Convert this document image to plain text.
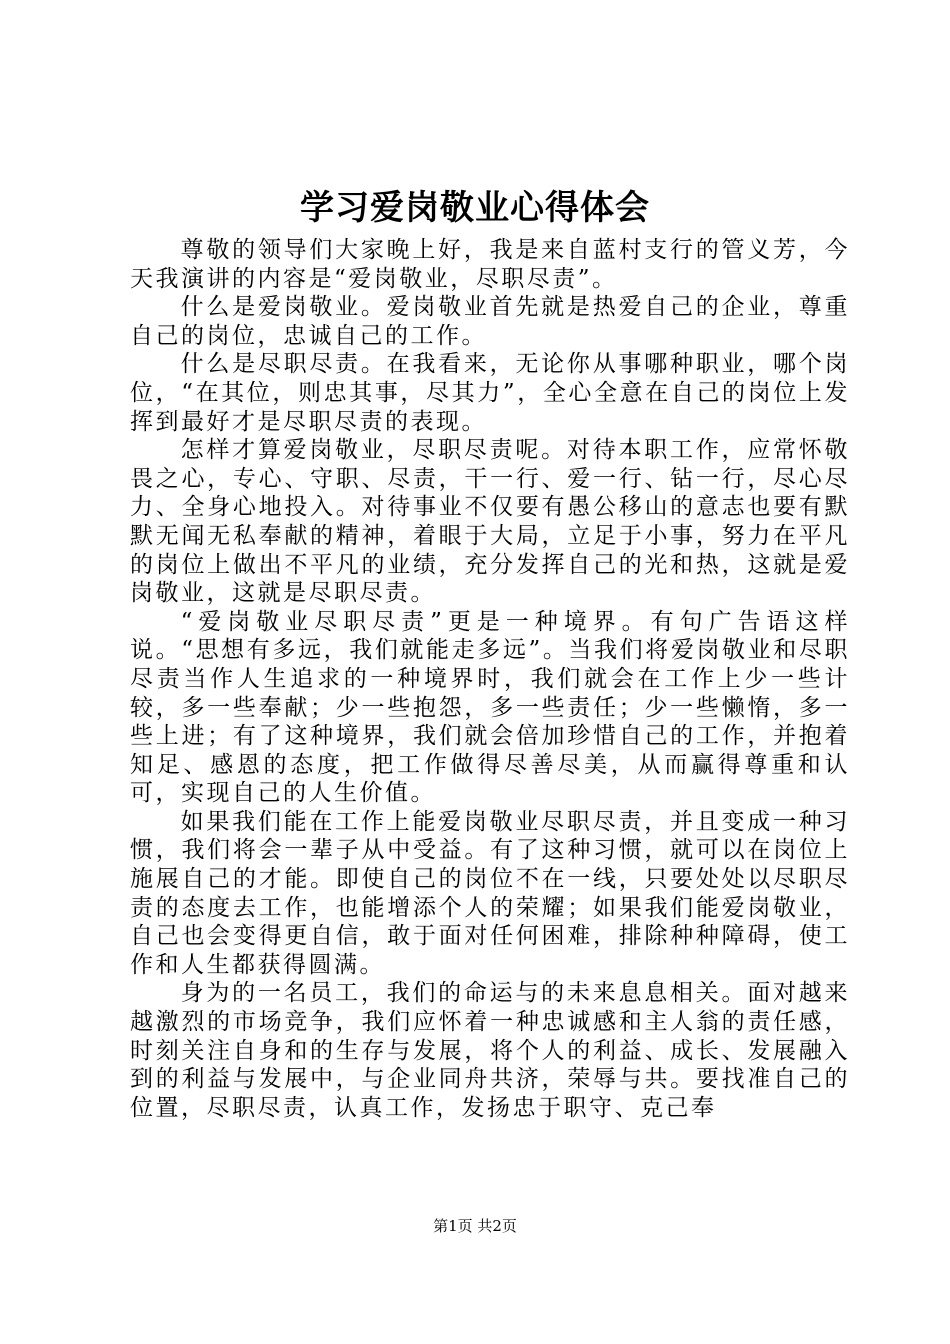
学习爱岗敬业心得体会

尊敬的领导们大家晚上好，我是来自蓝村支行的管义芳，今天我演讲的内容是“爱岗敬业，尽职尽责”。

什么是爱岗敬业。爱岗敬业首先就是热爱自己的企业，尊重自己的岗位，忠诚自己的工作。

什么是尽职尽责。在我看来，无论你从事哪种职业，哪个岗位，“在其位，则忠其事，尽其力”，全心全意在自己的岗位上发挥到最好才是尽职尽责的表现。

怎样才算爱岗敬业，尽职尽责呢。对待本职工作，应常怀敬畏之心，专心、守职、尽责，干一行、爱一行、钻一行，尽心尽力、全身心地投入。对待事业不仅要有愚公移山的意志也要有默默无闻无私奉献的精神，着眼于大局，立足于小事，努力在平凡的岗位上做出不平凡的业绩，充分发挥自己的光和热，这就是爱岗敬业，这就是尽职尽责。

“爱岗敬业尽职尽责”更是一种境界。有句广告语这样说。“思想有多远，我们就能走多远”。当我们将爱岗敬业和尽职尽责当作人生追求的一种境界时，我们就会在工作上少一些计较，多一些奉献；少一些抱怨，多一些责任；少一些懒惰，多一些上进；有了这种境界，我们就会倍加珍惜自己的工作，并抱着知足、感恩的态度，把工作做得尽善尽美，从而赢得尊重和认可，实现自己的人生价值。

如果我们能在工作上能爱岗敬业尽职尽责，并且变成一种习惯，我们将会一辈子从中受益。有了这种习惯，就可以在岗位上施展自己的才能。即使自己的岗位不在一线，只要处处以尽职尽责的态度去工作，也能增添个人的荣耀；如果我们能爱岗敬业，自己也会变得更自信，敢于面对任何困难，排除种种障碍，使工作和人生都获得圆满。

身为的一名员工，我们的命运与的未来息息相关。面对越来越激烈的市场竞争，我们应怀着一种忠诚感和主人翁的责任感，时刻关注自身和的生存与发展，将个人的利益、成长、发展融入到的利益与发展中，与企业同舟共济，荣辱与共。要找准自己的位置，尽职尽责，认真工作，发扬忠于职守、克己奉

第1页 共2页
